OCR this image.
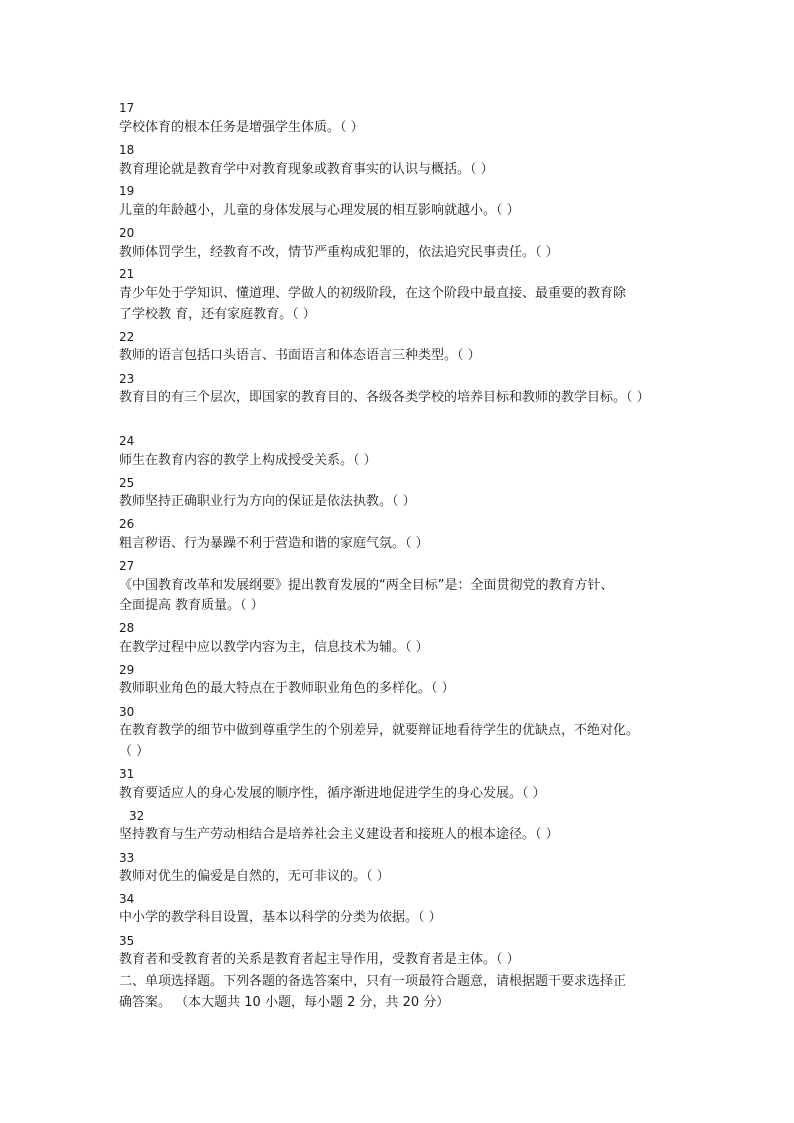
17
学校体育的根本任务是增强学生体质。（ ）
18
教育理论就是教育学中对教育现象或教育事实的认识与概括。（ ）
19
儿童的年龄越小，儿童的身体发展与心理发展的相互影响就越小。（ ）
20
教师体罚学生，经教育不改，情节严重构成犯罪的，依法追究民事责任。（ ）
21
青少年处于学知识、懂道理、学做人的初级阶段，在这个阶段中最直接、最重要的教育除
了学校教 育，还有家庭教育。（ ）
22
教师的语言包括口头语言、书面语言和体态语言三种类型。（ ）
23
教育目的有三个层次，即国家的教育目的、各级各类学校的培养目标和教师的教学目标。（ ）
24
师生在教育内容的教学上构成授受关系。（ ）
25
教师坚持正确职业行为方向的保证是依法执教。（ ）
26
粗言秽语、行为暴躁不利于营造和谐的家庭气氛。（ ）
27
《中国教育改革和发展纲要》提出教育发展的“两全目标”是：全面贯彻党的教育方针、
全面提高 教育质量。（ ）
28
在教学过程中应以教学内容为主，信息技术为辅。（ ）
29
教师职业角色的最大特点在于教师职业角色的多样化。（ ）
30
在教育教学的细节中做到尊重学生的个别差异，就要辩证地看待学生的优缺点，不绝对化。
（ ）
31
教育要适应人的身心发展的顺序性，循序渐进地促进学生的身心发展。（ ）
32
坚持教育与生产劳动相结合是培养社会主义建设者和接班人的根本途径。（ ）
33
教师对优生的偏爱是自然的，无可非议的。（ ）
34
中小学的教学科目设置，基本以科学的分类为依据。（ ）
35
教育者和受教育者的关系是教育者起主导作用，受教育者是主体。（ ）
二、单项选择题。下列各题的备选答案中，只有一项最符合题意，请根据题干要求选择正
确答案。 （本大题共 10 小题，每小题 2 分，共 20 分）
